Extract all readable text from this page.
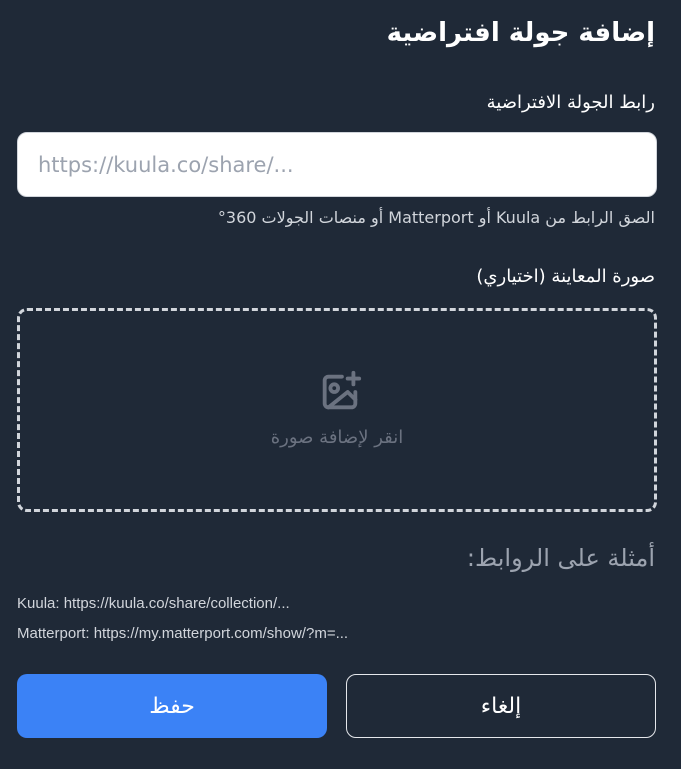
إضافة جولة افتراضية
رابط الجولة الافتراضية
https://kuula.co/share/...
الصق الرابط من Kuula أو Matterport أو منصات الجولات 360°
صورة المعاينة (اختياري)
انقر لإضافة صورة
أمثلة على الروابط:
Kuula: https://kuula.co/share/collection/...
Matterport: https://my.matterport.com/show/?m=...
حفظ	إلغاء
